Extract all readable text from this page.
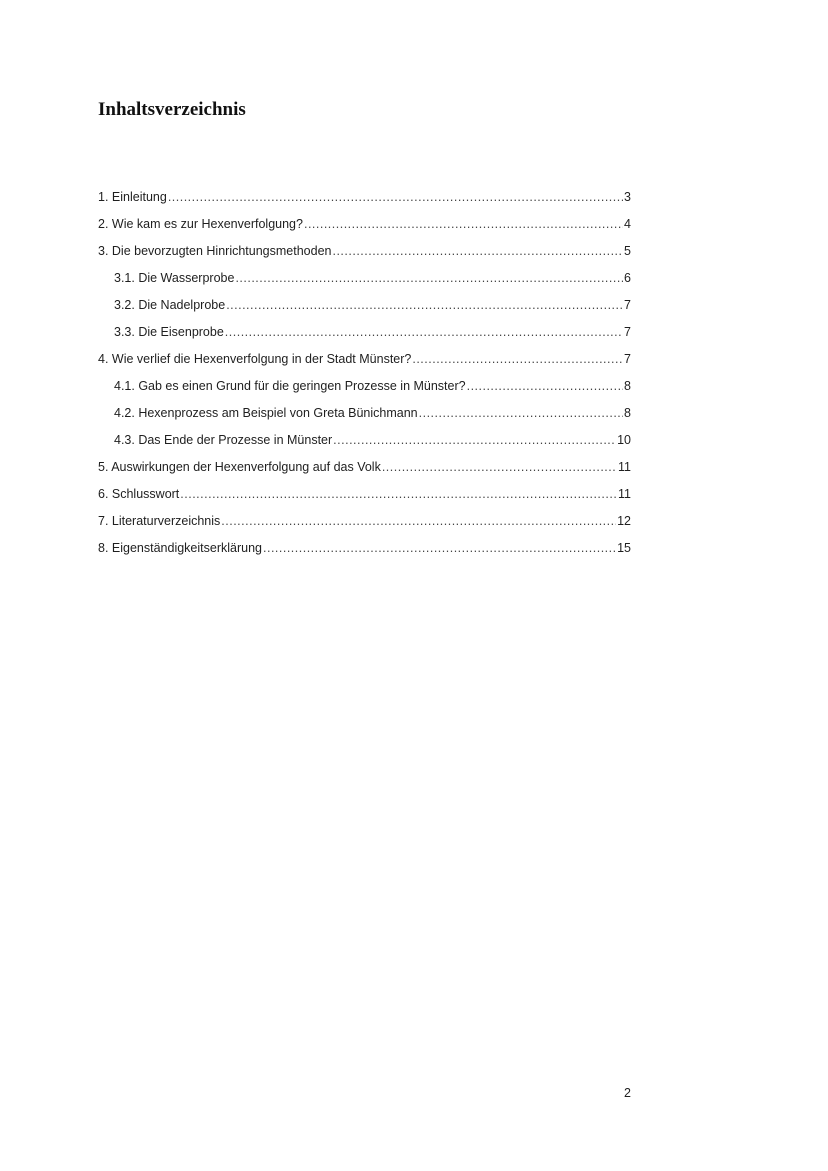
Inhaltsverzeichnis
1. Einleitung .....	3
2. Wie kam es zur Hexenverfolgung? .....	4
3. Die bevorzugten Hinrichtungsmethoden .....	5
3.1. Die Wasserprobe .....	6
3.2. Die Nadelprobe .....	7
3.3. Die Eisenprobe .....	7
4. Wie verlief die Hexenverfolgung in der Stadt Münster? .....	7
4.1. Gab es einen Grund für die geringen Prozesse in Münster? .....	8
4.2. Hexenprozess am Beispiel von Greta Bünichmann .....	8
4.3. Das Ende der Prozesse in Münster .....	10
5. Auswirkungen der Hexenverfolgung auf das Volk .....	11
6. Schlusswort .....	11
7. Literaturverzeichnis .....	12
8. Eigenständigkeitserklärung .....	15
2
